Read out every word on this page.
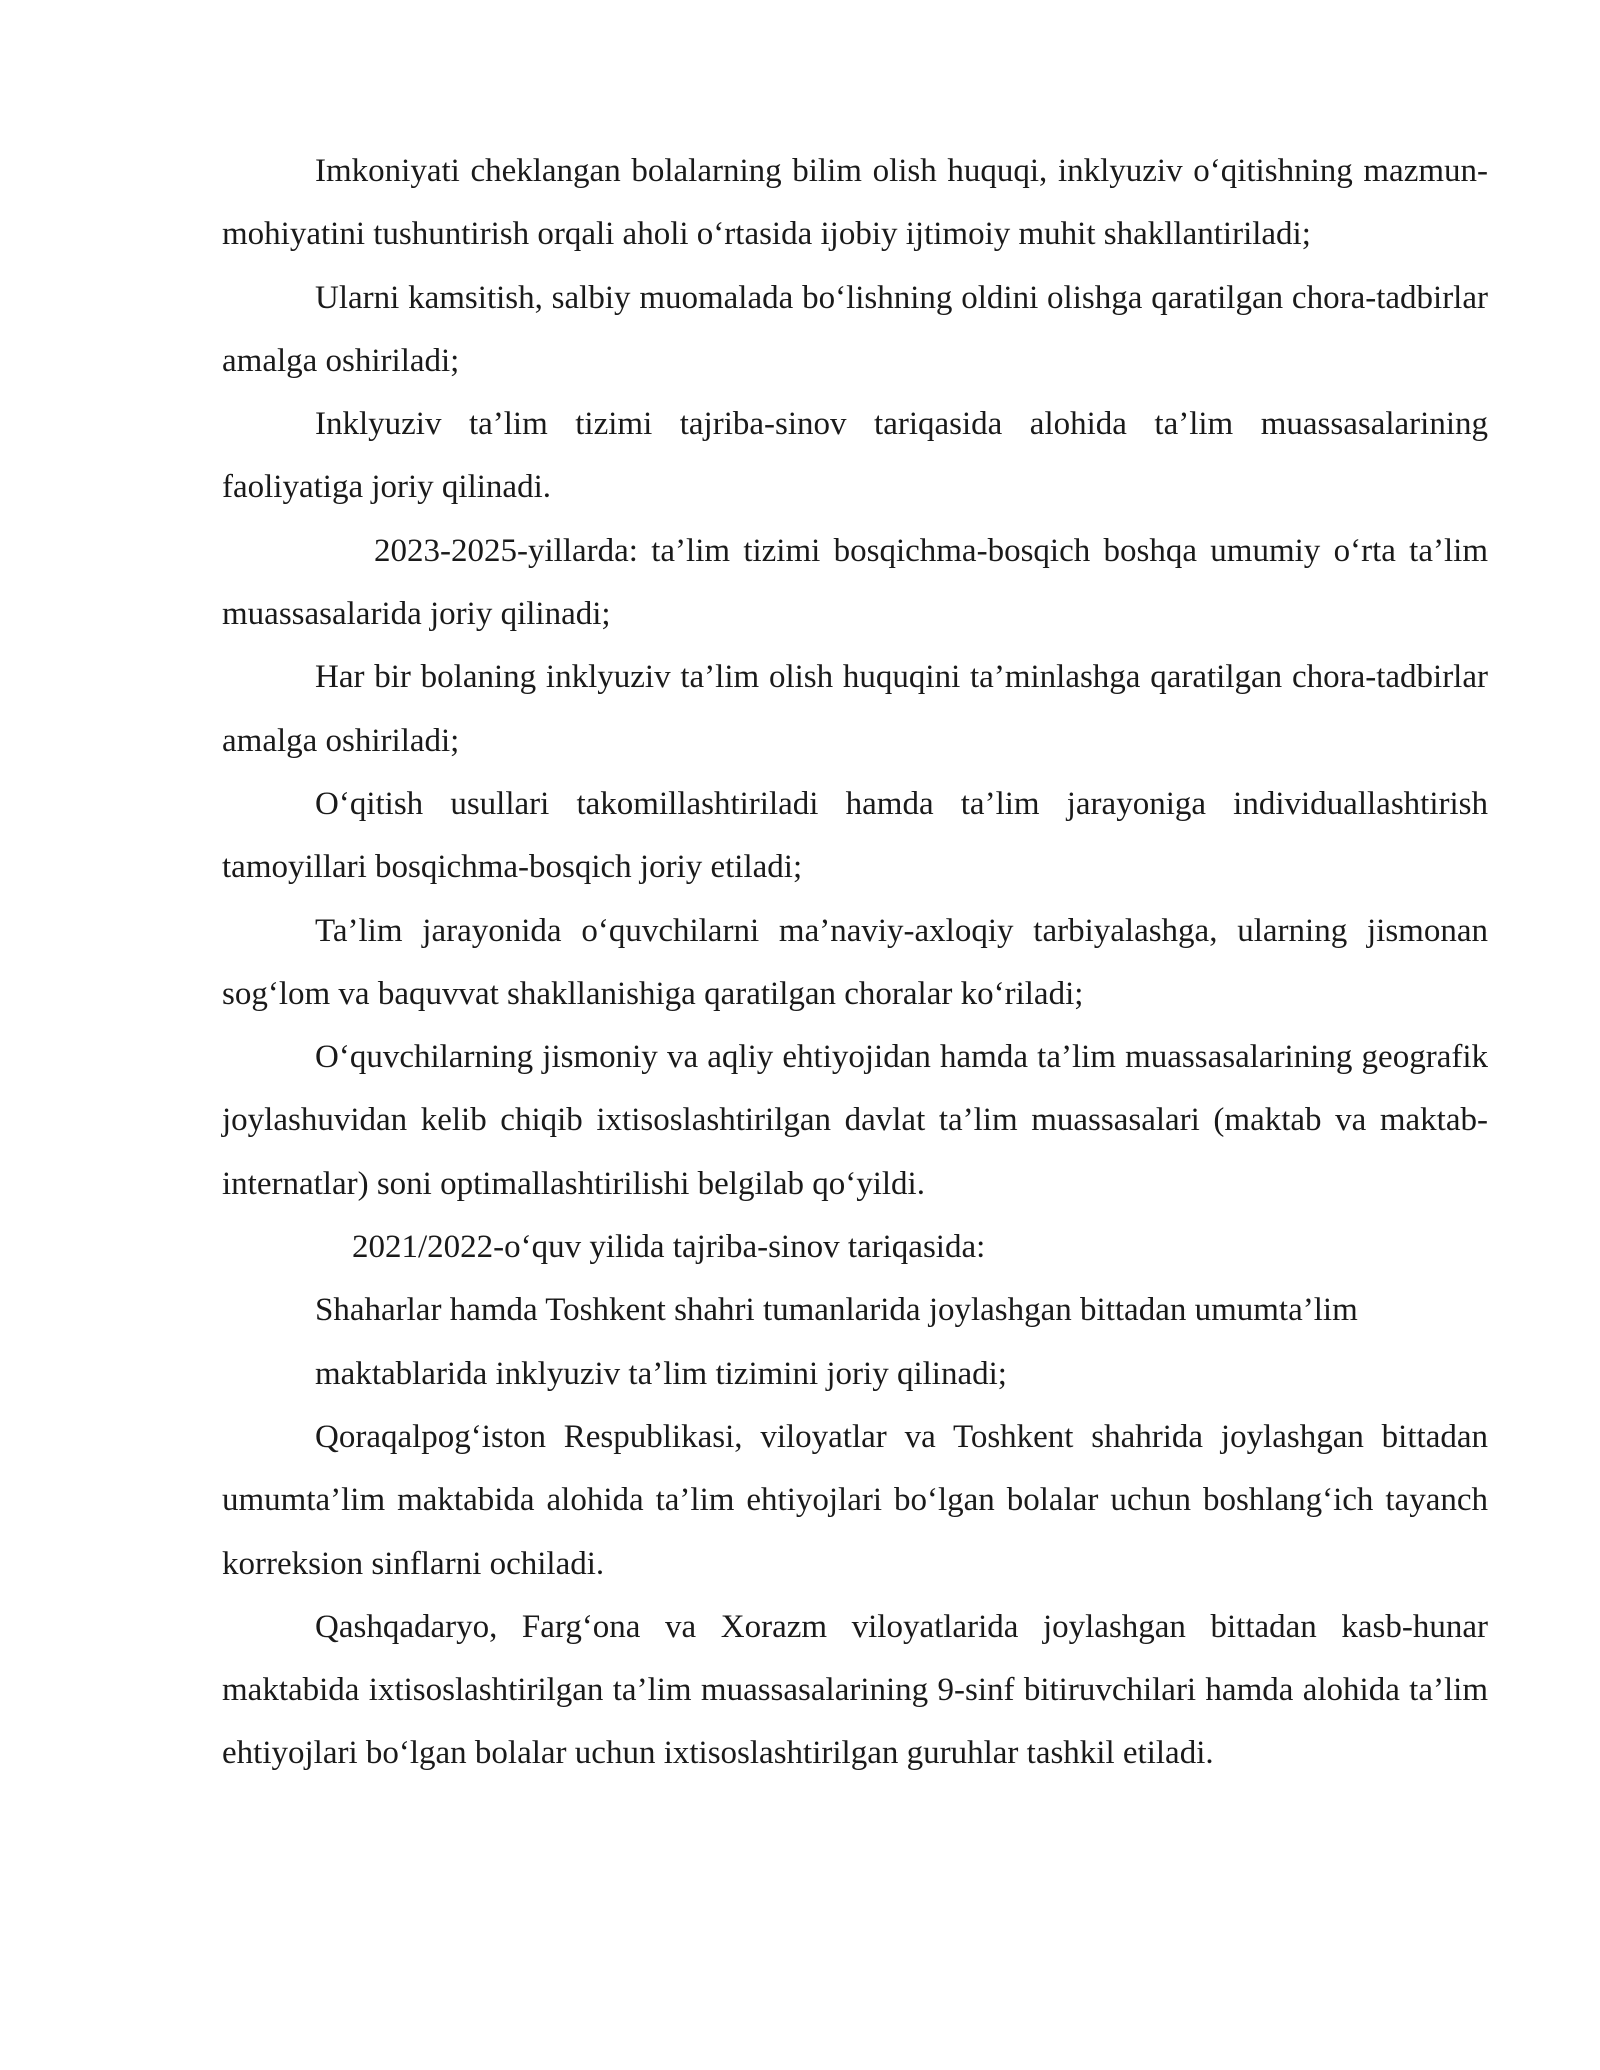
Imkoniyati cheklangan bolalarning bilim olish huquqi, inklyuziv o‘qitishning mazmun-mohiyatini tushuntirish orqali aholi o‘rtasida ijobiy ijtimoiy muhit shakllantiriladi;

Ularni kamsitish, salbiy muomalada bo‘lishning oldini olishga qaratilgan chora-tadbirlar amalga oshiriladi;

Inklyuziv ta’lim tizimi tajriba-sinov tariqasida alohida ta’lim muassasalarining faoliyatiga joriy qilinadi.

2023-2025-yillarda: ta’lim tizimi bosqichma-bosqich boshqa umumiy o‘rta ta’lim muassasalarida joriy qilinadi;

Har bir bolaning inklyuziv ta’lim olish huquqini ta’minlashga qaratilgan chora-tadbirlar amalga oshiriladi;

O‘qitish usullari takomillashtiriladi hamda ta’lim jarayoniga individuallashtirish tamoyillari bosqichma-bosqich joriy etiladi;

Ta’lim jarayonida o‘quvchilarni ma’naviy-axloqiy tarbiyalashga, ularning jismonan sog‘lom va baquvvat shakllanishiga qaratilgan choralar ko‘riladi;

O‘quvchilarning jismoniy va aqliy ehtiyojidan hamda ta’lim muassasalarining geografik joylashuvidan kelib chiqib ixtisoslashtirilgan davlat ta’lim muassasalari (maktab va maktab-internatlar) soni optimallashtirilishi belgilab qo‘yildi.

2021/2022-o‘quv yilida tajriba-sinov tariqasida:

Shaharlar hamda Toshkent shahri tumanlarida joylashgan bittadan umumta’lim maktablarida inklyuziv ta’lim tizimini joriy qilinadi;

Qoraqalpog‘iston Respublikasi, viloyatlar va Toshkent shahrida joylashgan bittadan umumta’lim maktabida alohida ta’lim ehtiyojlari bo‘lgan bolalar uchun boshlang‘ich tayanch korreksion sinflarni ochiladi.

Qashqadaryo, Farg‘ona va Xorazm viloyatlarida joylashgan bittadan kasb-hunar maktabida ixtisoslashtirilgan ta’lim muassasalarining 9-sinf bitiruvchilari hamda alohida ta’lim ehtiyojlari bo‘lgan bolalar uchun ixtisoslashtirilgan guruhlar tashkil etiladi.
